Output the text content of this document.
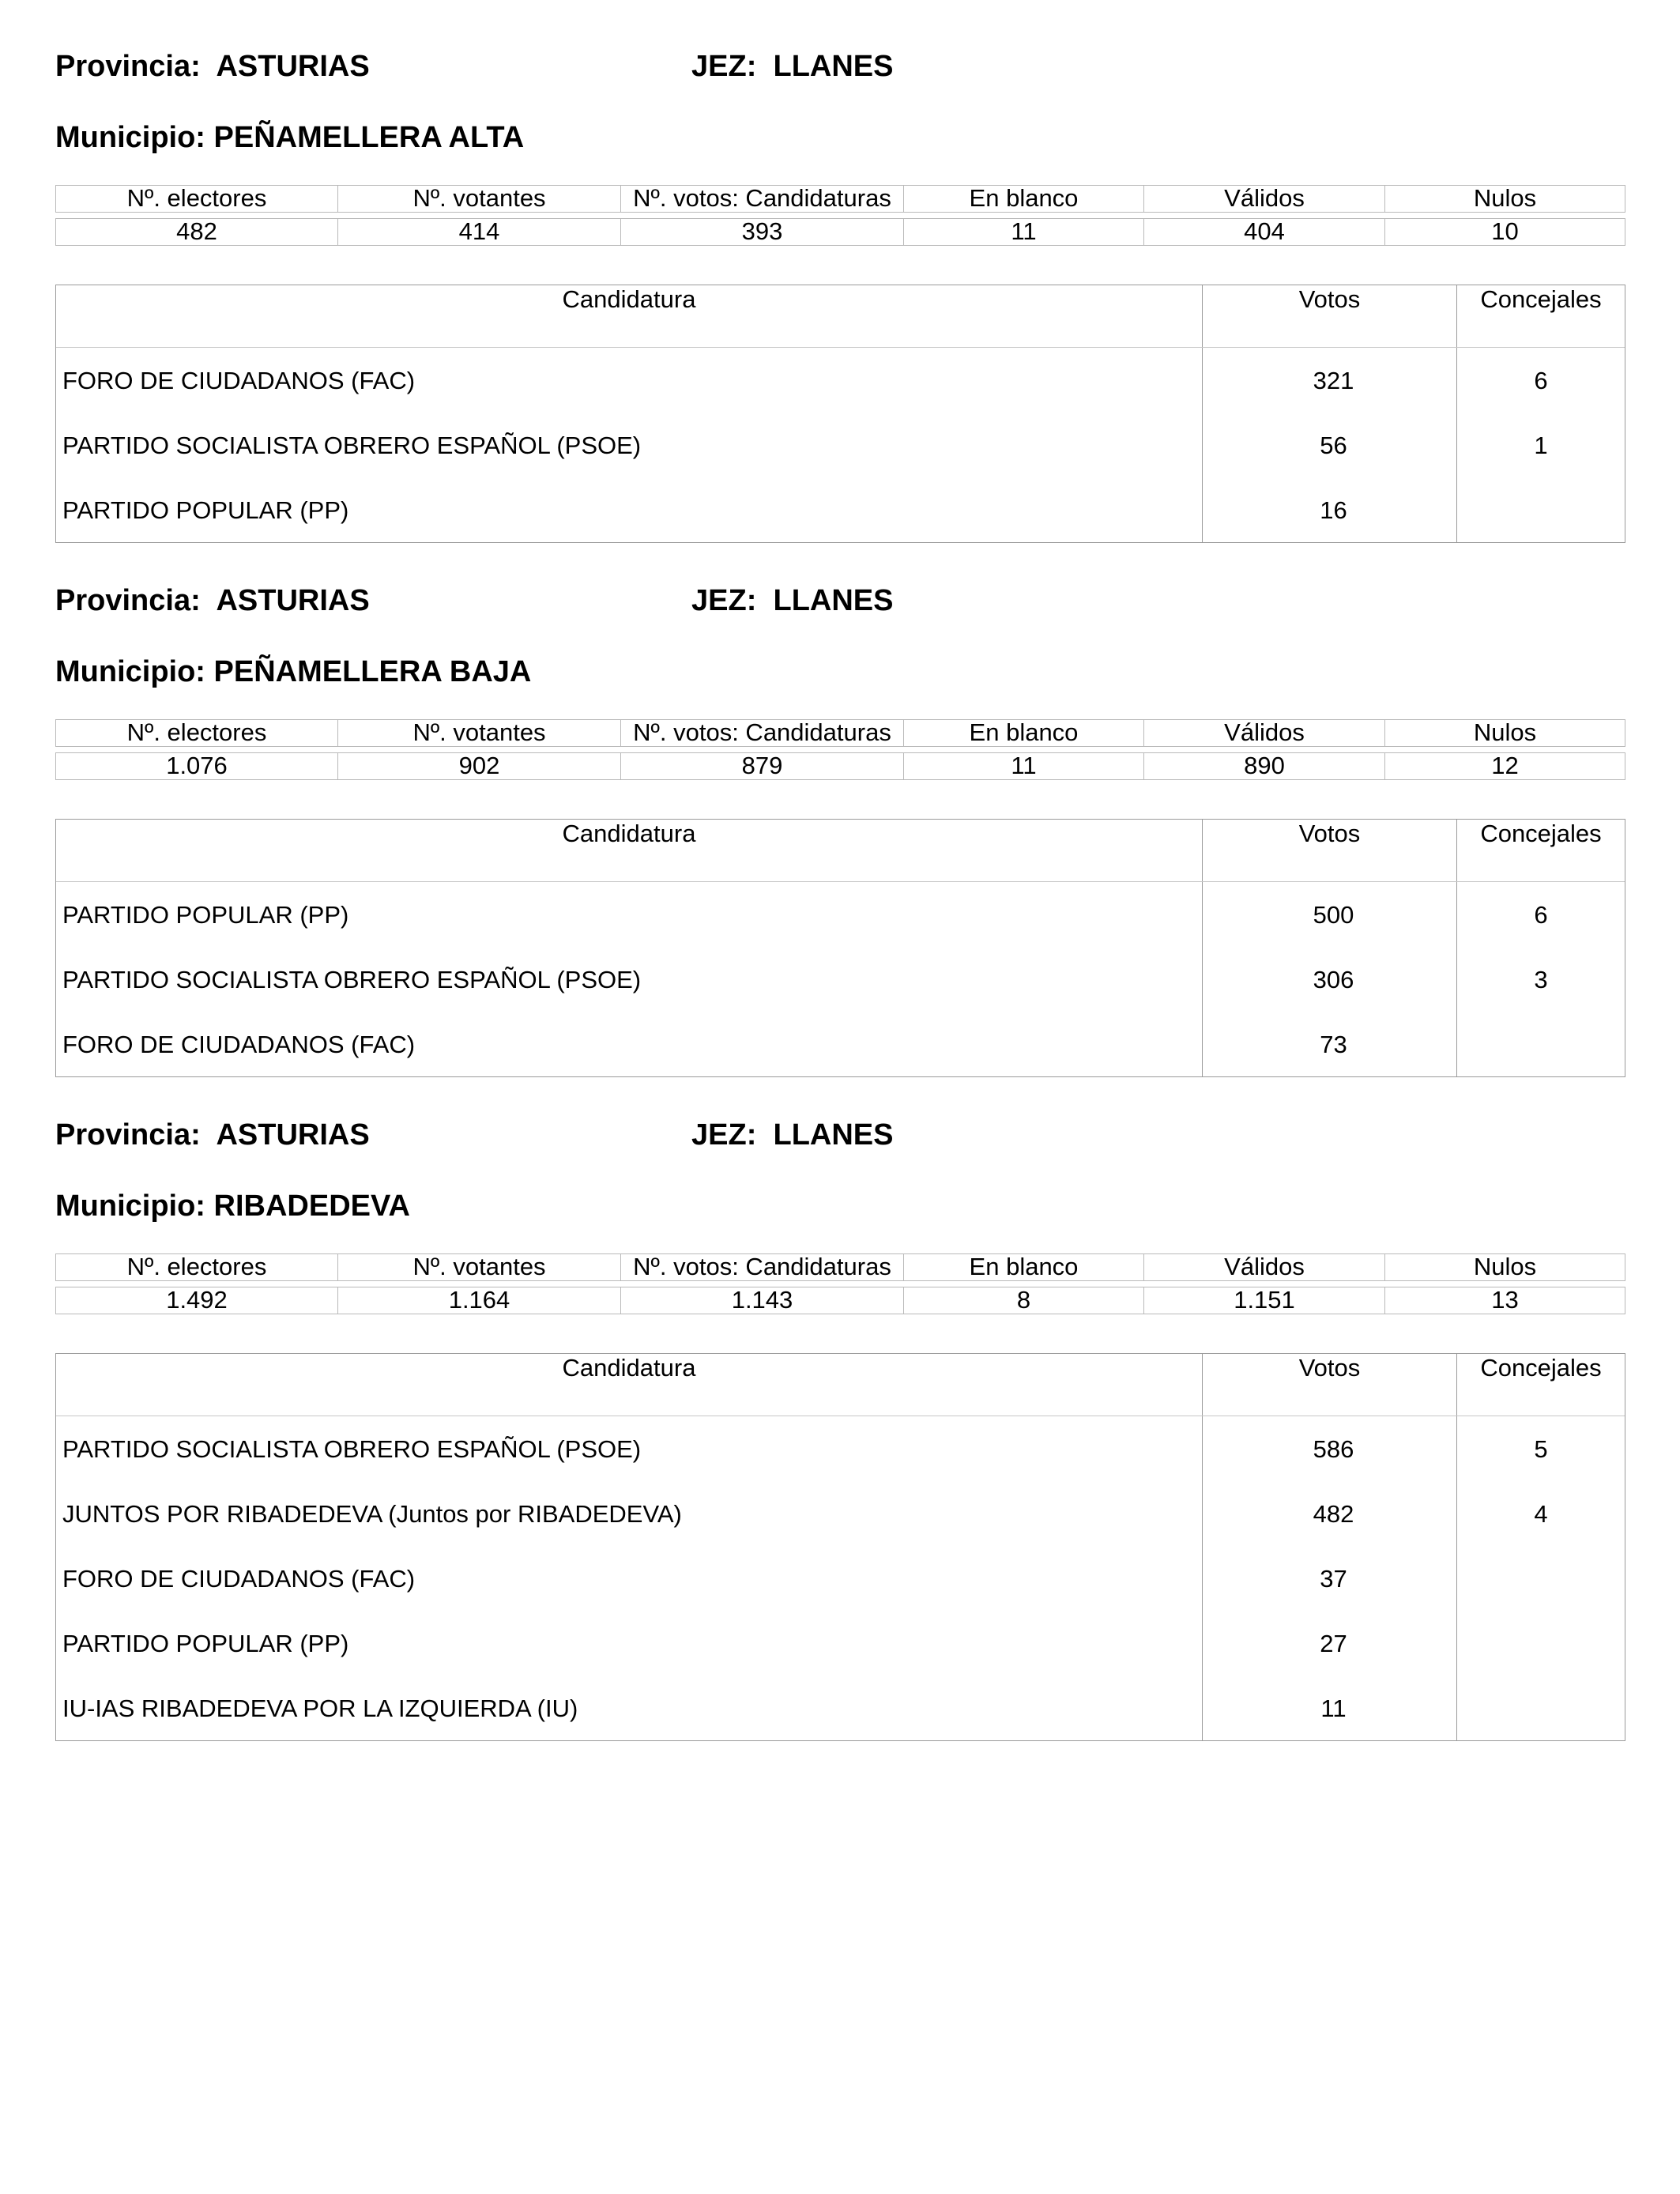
Provincia: ASTURIAS	JEZ: LLANES
Municipio: PEÑAMELLERA ALTA
Nº. electores	Nº. votantes	Nº. votos: Candidaturas	En blanco	Válidos	Nulos
482	414	393	11	404	10
Candidatura	Votos	Concejales
FORO DE CIUDADANOS (FAC)	321	6
PARTIDO SOCIALISTA OBRERO ESPAÑOL (PSOE)	56	1
PARTIDO POPULAR (PP)	16
Provincia: ASTURIAS	JEZ: LLANES
Municipio: PEÑAMELLERA BAJA
Nº. electores	Nº. votantes	Nº. votos: Candidaturas	En blanco	Válidos	Nulos
1.076	902	879	11	890	12
Candidatura	Votos	Concejales
PARTIDO POPULAR (PP)	500	6
PARTIDO SOCIALISTA OBRERO ESPAÑOL (PSOE)	306	3
FORO DE CIUDADANOS (FAC)	73
Provincia: ASTURIAS	JEZ: LLANES
Municipio: RIBADEDEVA
Nº. electores	Nº. votantes	Nº. votos: Candidaturas	En blanco	Válidos	Nulos
1.492	1.164	1.143	8	1.151	13
Candidatura	Votos	Concejales
PARTIDO SOCIALISTA OBRERO ESPAÑOL (PSOE)	586	5
JUNTOS POR RIBADEDEVA (Juntos por RIBADEDEVA)	482	4
FORO DE CIUDADANOS (FAC)	37
PARTIDO POPULAR (PP)	27
IU-IAS RIBADEDEVA POR LA IZQUIERDA (IU)	11
